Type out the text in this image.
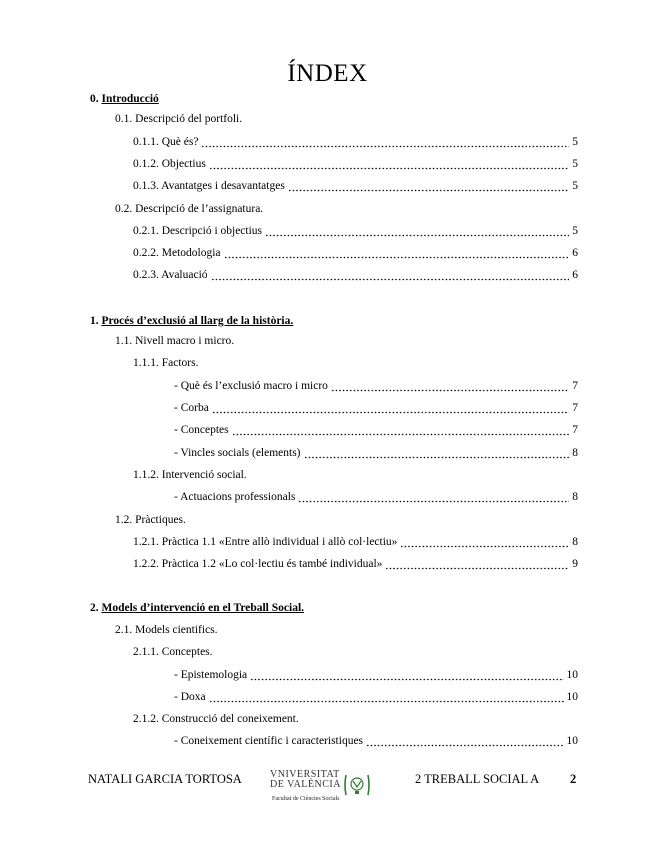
ÍNDEX
0. Introducció
0.1. Descripció del portfoli.
0.1.1. Què és?	5
0.1.2. Objectius	5
0.1.3. Avantatges i desavantatges	5
0.2. Descripció de l’assignatura.
0.2.1. Descripció i objectius	5
0.2.2. Metodologia	6
0.2.3. Avaluació	6
1. Procés d’exclusió al llarg de la història.
1.1. Nivell macro i micro.
1.1.1. Factors.
- Què és l’exclusió macro i micro	7
- Corba	7
- Conceptes	7
- Vincles socials (elements)	8
1.1.2. Intervenció social.
- Actuacions professionals	8
1.2. Pràctiques.
1.2.1. Pràctica 1.1 «Entre allò individual i allò col·lectiu»	8
1.2.2. Pràctica 1.2 «Lo col·lectiu és també individual»	9
2. Models d’intervenció en el Treball Social.
2.1. Models cientifics.
2.1.1. Conceptes.
- Epistemologia	10
- Doxa	10
2.1.2. Construcció del coneixement.
- Coneixement científic i caracteristiques	10
NATALI GARCIA TORTOSA	VNIVERSITAT
DE VALÈNCIA
Facultat de Ciències Socials
2 TREBALL SOCIAL A 2
